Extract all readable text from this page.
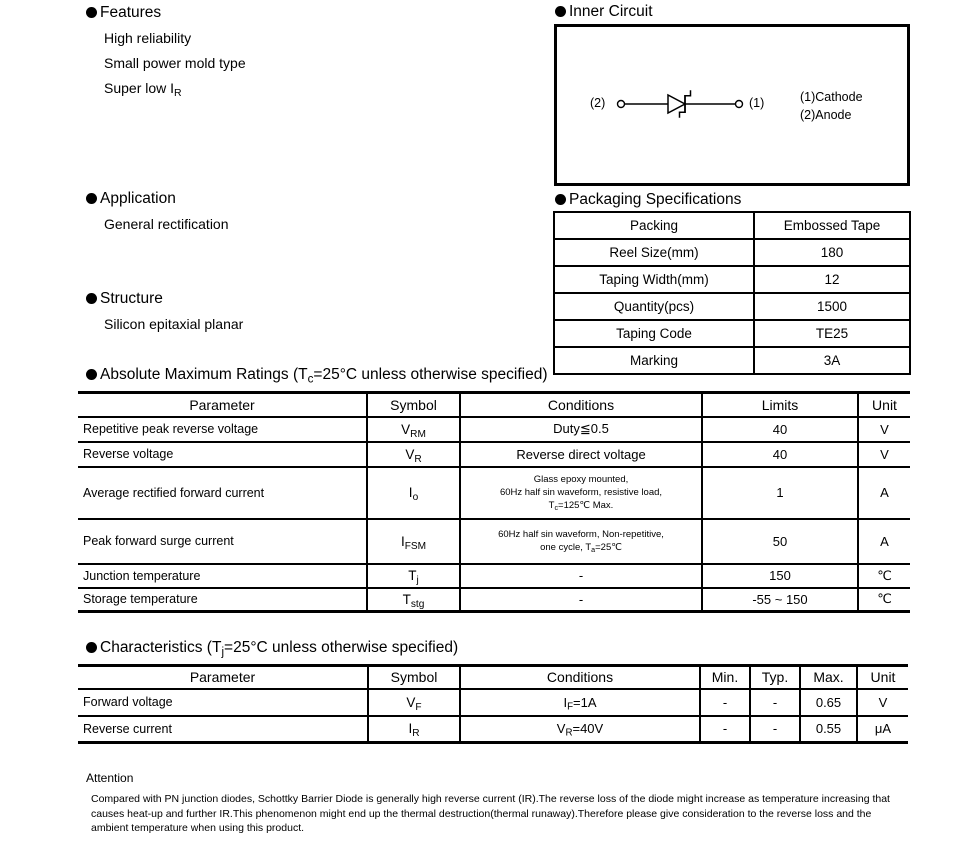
Features
High reliability
Small power mold type
Super low $I_R$
Inner Circuit
(2)	(1)	(1)Cathode
(2)Anode
Application
General rectification
Structure
Silicon epitaxial planar
Packaging Specifications
Packing	Embossed Tape
Reel Size(mm)	180
Taping Width(mm)	12
Quantity(pcs)	1500
Taping Code	TE25
Marking	3A
Absolute Maximum Ratings ($T_c=25^\circ C$ unless otherwise specified)
Parameter	Symbol	Conditions	Limits	Unit
Repetitive peak reverse voltage	$V_{RM}$	Duty≦0.5	40	V
Reverse voltage	$V_R$	Reverse direct voltage	40	V
Average rectified forward current	$I_o$	Glass epoxy mounted,
60Hz half sin waveform, resistive load,
$T_c=125℃$ Max.	1	A
Peak forward surge current	$I_{FSM}$	60Hz half sin waveform, Non-repetitive,
one cycle, $T_a=25℃$	50	A
Junction temperature	$T_j$	-	150	℃
Storage temperature	$T_{stg}$	-	-55 ~ 150	℃
Characteristics ($T_j=25^\circ C$ unless otherwise specified)
Parameter	Symbol	Conditions	Min.	Typ.	Max.	Unit
Forward voltage	$V_F$	$I_F=1A$	-	-	0.65	V
Reverse current	$I_R$	$V_R=40V$	-	-	0.55	μA
Attention
Compared with PN junction diodes, Schottky Barrier Diode is generally high reverse current (IR).The reverse loss of the diode might increase as temperature increasing that causes heat-up and further IR.This phenomenon might end up the thermal destruction(thermal runaway).Therefore please give consideration to the reverse loss and the ambient temperature when using this product.
